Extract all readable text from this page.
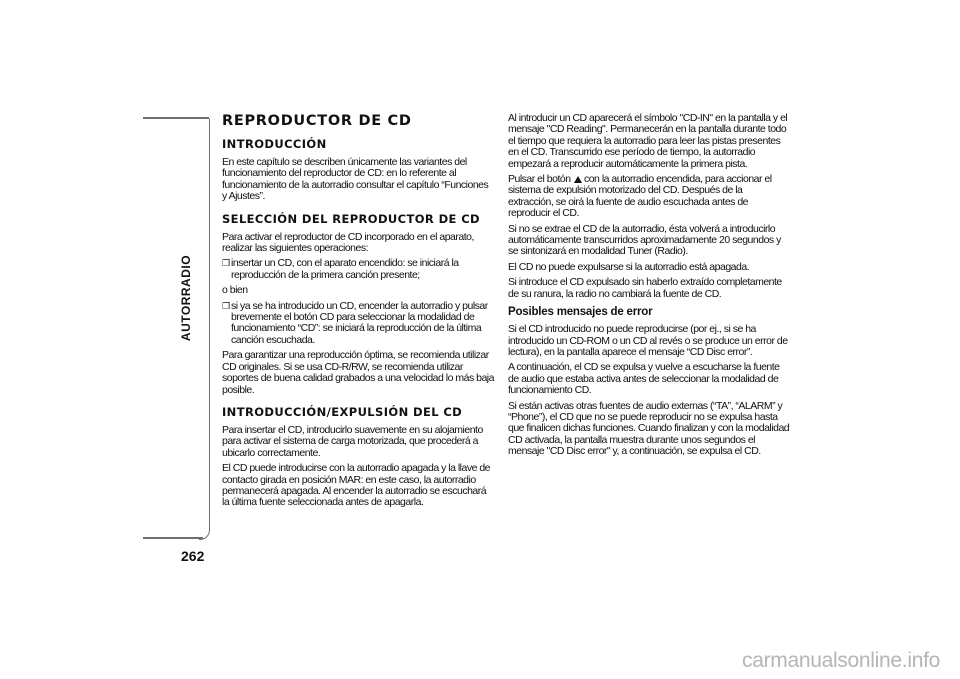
AUTORRADIO
262
REPRODUCTOR DE CD
INTRODUCCIÓN

En este capítulo se describen únicamente las variantes del funcionamiento del reproductor de CD: en lo referente al funcionamiento de la autorradio consultar el capítulo “Funciones y Ajustes”.

SELECCIÓN DEL REPRODUCTOR DE CD

Para activar el reproductor de CD incorporado en el aparato, realizar las siguientes operaciones:

❒ insertar un CD, con el aparato encendido: se iniciará la reproducción de la primera canción presente;

o bien

❒ si ya se ha introducido un CD, encender la autorradio y pulsar brevemente el botón CD para seleccionar la modalidad de funcionamiento “CD”: se iniciará la reproducción de la última canción escuchada.

Para garantizar una reproducción óptima, se recomienda utilizar CD originales. Si se usa CD-R/RW, se recomienda utilizar soportes de buena calidad grabados a una velocidad lo más baja posible.

INTRODUCCIÓN/EXPULSIÓN DEL CD

Para insertar el CD, introducirlo suavemente en su alojamiento para activar el sistema de carga motorizada, que procederá a ubicarlo correctamente.

El CD puede introducirse con la autorradio apagada y la llave de contacto girada en posición MAR: en este caso, la autorradio permanecerá apagada. Al encender la autorradio se escuchará la última fuente seleccionada antes de apagarla.

Al introducir un CD aparecerá el símbolo "CD-IN" en la pantalla y el mensaje "CD Reading". Permanecerán en la pantalla durante todo el tiempo que requiera la autorradio para leer las pistas presentes en el CD. Transcurrido ese período de tiempo, la autorradio empezará a reproducir automáticamente la primera pista.

Pulsar el botón con la autorradio encendida, para accionar el sistema de expulsión motorizado del CD. Después de la extracción, se oirá la fuente de audio escuchada antes de reproducir el CD.

Si no se extrae el CD de la autorradio, ésta volverá a introducirlo automáticamente transcurridos aproximadamente 20 segundos y se sintonizará en modalidad Tuner (Radio).

El CD no puede expulsarse si la autorradio está apagada.

Si introduce el CD expulsado sin haberlo extraído completamente de su ranura, la radio no cambiará la fuente de CD.

Posibles mensajes de error

Si el CD introducido no puede reproducirse (por ej., si se ha introducido un CD-ROM o un CD al revés o se produce un error de lectura), en la pantalla aparece el mensaje “CD Disc error”.

A continuación, el CD se expulsa y vuelve a escucharse la fuente de audio que estaba activa antes de seleccionar la modalidad de funcionamiento CD.

Si están activas otras fuentes de audio externas (“TA”, “ALARM” y “Phone”), el CD que no se puede reproducir no se expulsa hasta que finalicen dichas funciones. Cuando finalizan y con la modalidad CD activada, la pantalla muestra durante unos segundos el mensaje "CD Disc error" y, a continuación, se expulsa el CD.

carmanualsonline.info
